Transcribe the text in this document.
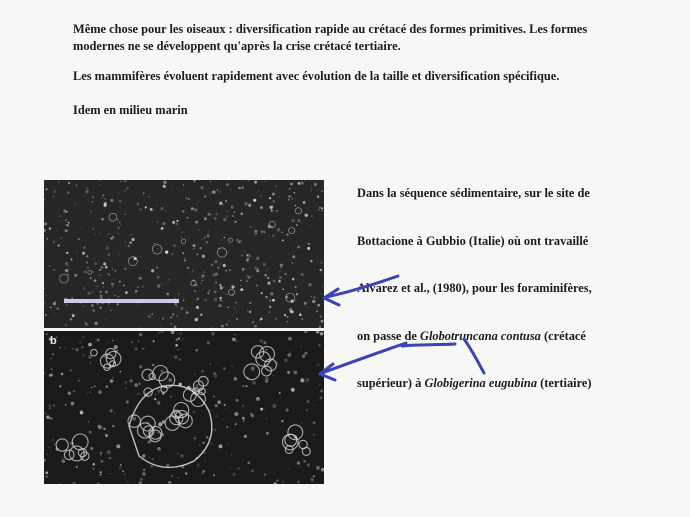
Même chose pour les oiseaux : diversification rapide au crétacé des formes primitives. Les formes modernes ne se développent qu'après la crise crétacé tertiaire.

Les mammifères évoluent rapidement avec évolution de la taille et diversification spécifique.

Idem en milieu marin

b

Dans la séquence sédimentaire, sur le site de

Bottacione à Gubbio (Italie) où ont travaillé

Alvarez et al., (1980), pour les foraminifères,

on passe de Globotruncana contusa (crétacé

supérieur) à Globigerina eugubina (tertiaire)
